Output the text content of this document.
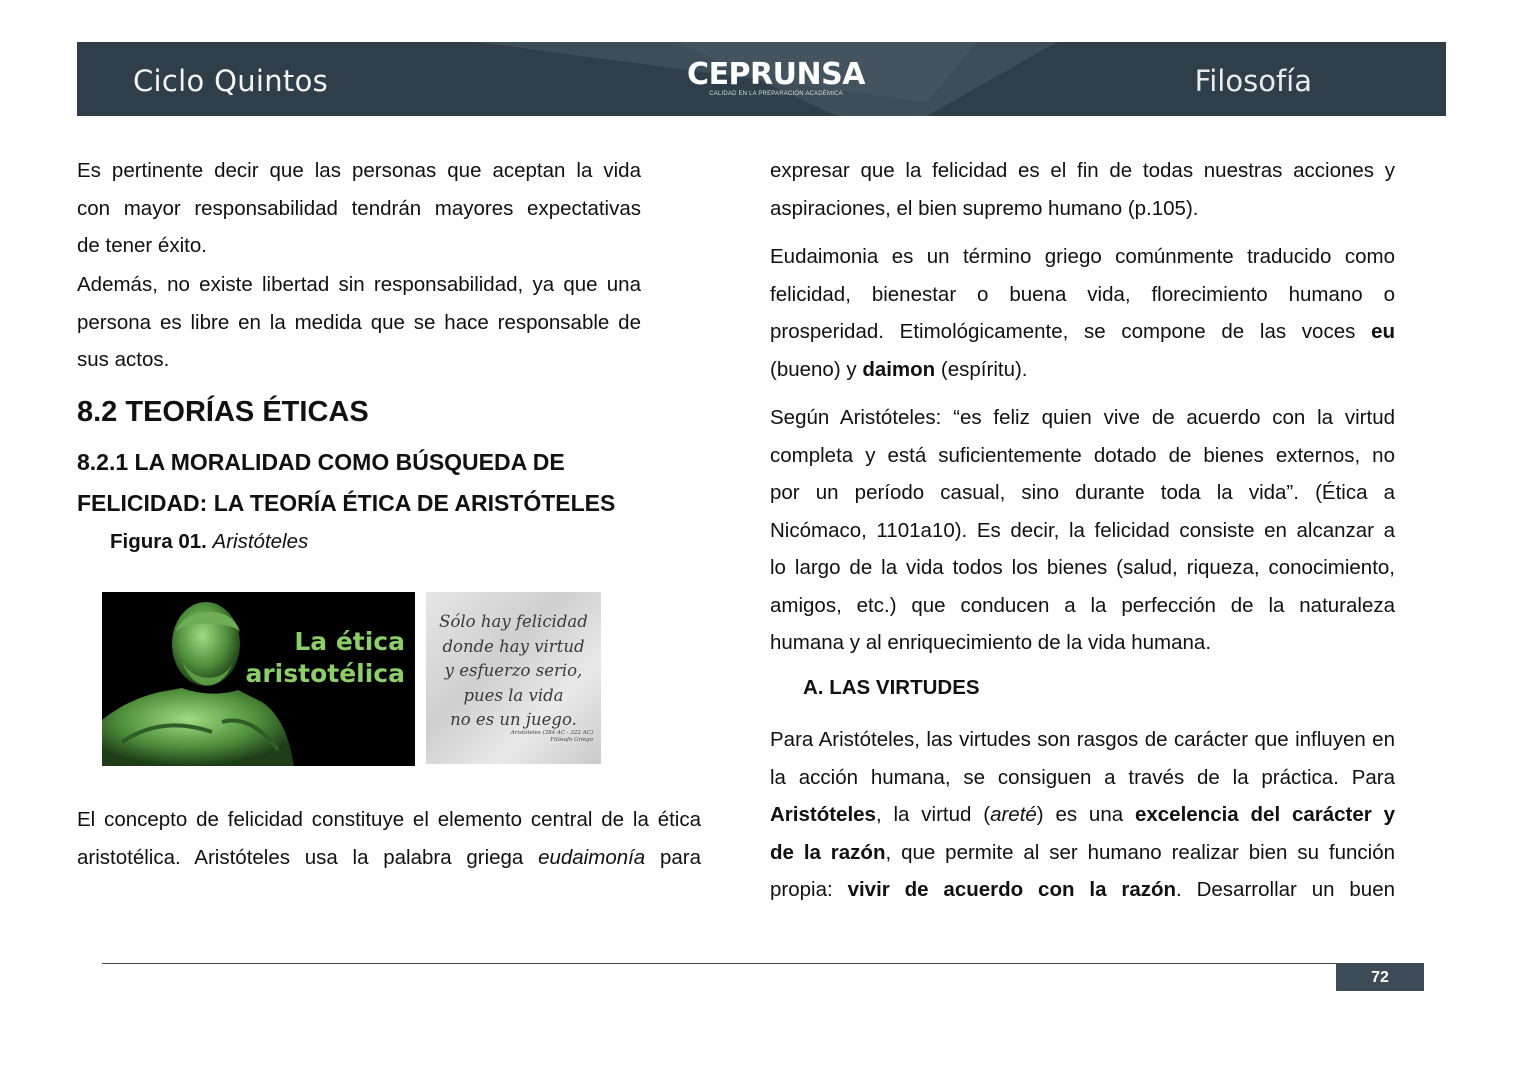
Ciclo Quintos	CEPRUNSA
CALIDAD EN LA PREPARACIÓN ACADÉMICA	Filosofía
Es pertinente decir que las personas que aceptan la vida
con mayor responsabilidad tendrán mayores expectativas
de tener éxito.
Además, no existe libertad sin responsabilidad, ya que una
persona es libre en la medida que se hace responsable de
sus actos.
8.2 TEORÍAS ÉTICAS
8.2.1 LA MORALIDAD COMO BÚSQUEDA DE
FELICIDAD: LA TEORÍA ÉTICA DE ARISTÓTELES
Figura 01. Aristóteles
La ética
aristotélica
Sólo hay felicidad
donde hay virtud
y esfuerzo serio,
pues la vida
no es un juego.
Aristóteles (384 AC - 322 AC)
Filósofo Griego
El concepto de felicidad constituye el elemento central de la ética
aristotélica. Aristóteles usa la palabra griega eudaimonía para
expresar que la felicidad es el fin de todas nuestras acciones y
aspiraciones, el bien supremo humano (p.105).
Eudaimonia es un término griego comúnmente traducido como
felicidad, bienestar o buena vida, florecimiento humano o
prosperidad. Etimológicamente, se compone de las voces eu
(bueno) y daimon (espíritu).
Según Aristóteles: “es feliz quien vive de acuerdo con la virtud
completa y está suficientemente dotado de bienes externos, no
por un período casual, sino durante toda la vida”. (Ética a
Nicómaco, 1101a10). Es decir, la felicidad consiste en alcanzar a
lo largo de la vida todos los bienes (salud, riqueza, conocimiento,
amigos, etc.) que conducen a la perfección de la naturaleza
humana y al enriquecimiento de la vida humana.
A. LAS VIRTUDES
Para Aristóteles, las virtudes son rasgos de carácter que influyen en
la acción humana, se consiguen a través de la práctica. Para
Aristóteles, la virtud (areté) es una excelencia del carácter y
de la razón, que permite al ser humano realizar bien su función
propia: vivir de acuerdo con la razón. Desarrollar un buen
72
